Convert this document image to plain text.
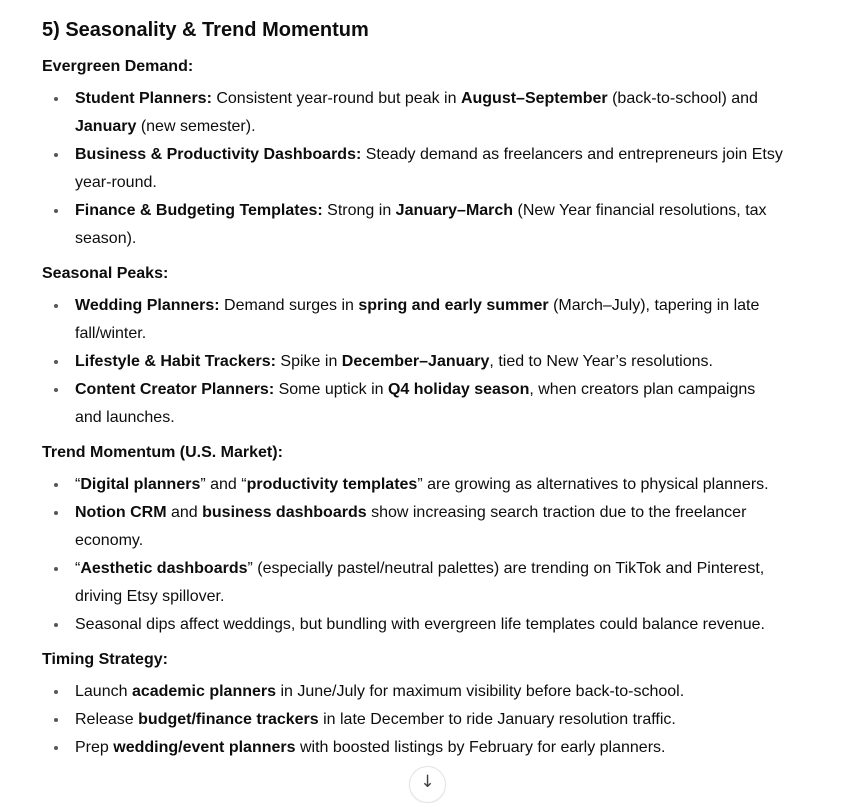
5) Seasonality & Trend Momentum
Evergreen Demand:
Student Planners: Consistent year-round but peak in August–September (back-to-school) and January (new semester).
Business & Productivity Dashboards: Steady demand as freelancers and entrepreneurs join Etsy year-round.
Finance & Budgeting Templates: Strong in January–March (New Year financial resolutions, tax season).
Seasonal Peaks:
Wedding Planners: Demand surges in spring and early summer (March–July), tapering in late fall/winter.
Lifestyle & Habit Trackers: Spike in December–January, tied to New Year’s resolutions.
Content Creator Planners: Some uptick in Q4 holiday season, when creators plan campaigns and launches.
Trend Momentum (U.S. Market):
“Digital planners” and “productivity templates” are growing as alternatives to physical planners.
Notion CRM and business dashboards show increasing search traction due to the freelancer economy.
“Aesthetic dashboards” (especially pastel/neutral palettes) are trending on TikTok and Pinterest, driving Etsy spillover.
Seasonal dips affect weddings, but bundling with evergreen life templates could balance revenue.
Timing Strategy:
Launch academic planners in June/July for maximum visibility before back-to-school.
Release budget/finance trackers in late December to ride January resolution traffic.
Prep wedding/event planners with boosted listings by February for early planners.
↓
